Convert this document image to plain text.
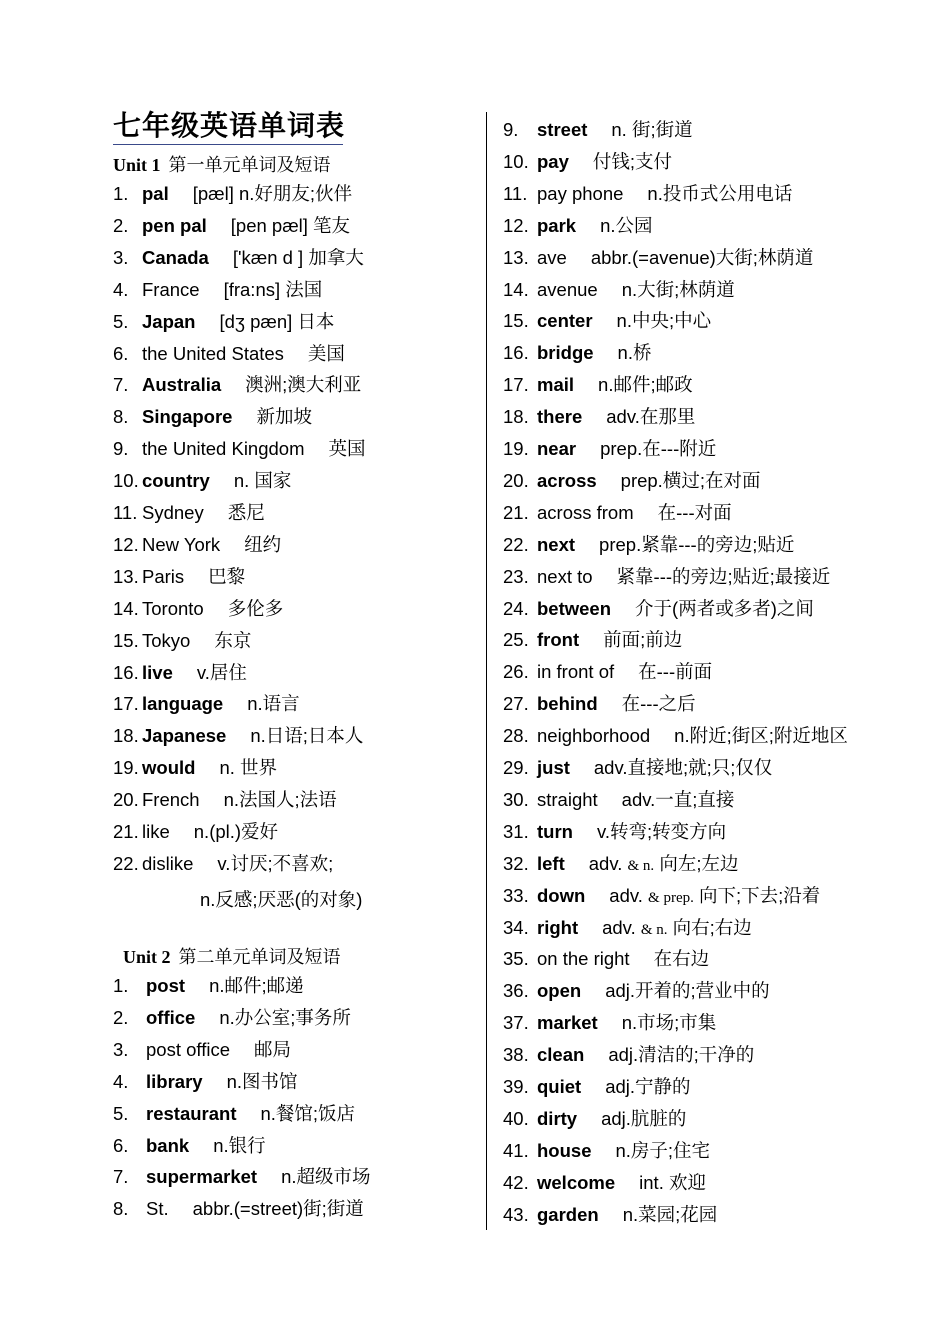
七年级英语单词表
Unit 1 第一单元单词及短语
1. pal [pæl] n.好朋友;伙伴
2. pen pal [pen pæl] 笔友
3. Canada ['kæn d ] 加拿大
4. France [fra:ns] 法国
5. Japan [dʒ pæn] 日本
6. the United States 美国
7. Australia 澳洲;澳大利亚
8. Singapore 新加坡
9. the United Kingdom 英国
10. country n. 国家
11. Sydney 悉尼
12. New York 纽约
13. Paris 巴黎
14. Toronto 多伦多
15. Tokyo 东京
16. live v.居住
17. language n.语言
18. Japanese n.日语;日本人
19. would n. 世界
20. French n.法国人;法语
21. like n.(pl.)爱好
22. dislike v.讨厌;不喜欢;
n.反感;厌恶(的对象)
Unit 2 第二单元单词及短语
1. post n.邮件;邮递
2. office n.办公室;事务所
3. post office 邮局
4. library n.图书馆
5. restaurant n.餐馆;饭店
6. bank n.银行
7. supermarket n.超级市场
8. St. abbr.(=street)街;街道
9. street n. 街;街道
10. pay 付钱;支付
11. pay phone n.投币式公用电话
12. park n.公园
13. ave abbr.(=avenue)大街;林荫道
14. avenue n.大街;林荫道
15. center n.中央;中心
16. bridge n.桥
17. mail n.邮件;邮政
18. there adv.在那里
19. near prep.在---附近
20. across prep.横过;在对面
21. across from 在---对面
22. next prep.紧靠---的旁边;贴近
23. next to 紧靠---的旁边;贴近;最接近
24. between 介于(两者或多者)之间
25. front 前面;前边
26. in front of 在---前面
27. behind 在---之后
28. neighborhood n.附近;街区;附近地区
29. just adv.直接地;就;只;仅仅
30. straight adv.一直;直接
31. turn v.转弯;转变方向
32. left adv. & n. 向左;左边
33. down adv. & prep. 向下;下去;沿着
34. right adv. & n. 向右;右边
35. on the right 在右边
36. open adj.开着的;营业中的
37. market n.市场;市集
38. clean adj.清洁的;干净的
39. quiet adj.宁静的
40. dirty adj.肮脏的
41. house n.房子;住宅
42. welcome int. 欢迎
43. garden n.菜园;花园
